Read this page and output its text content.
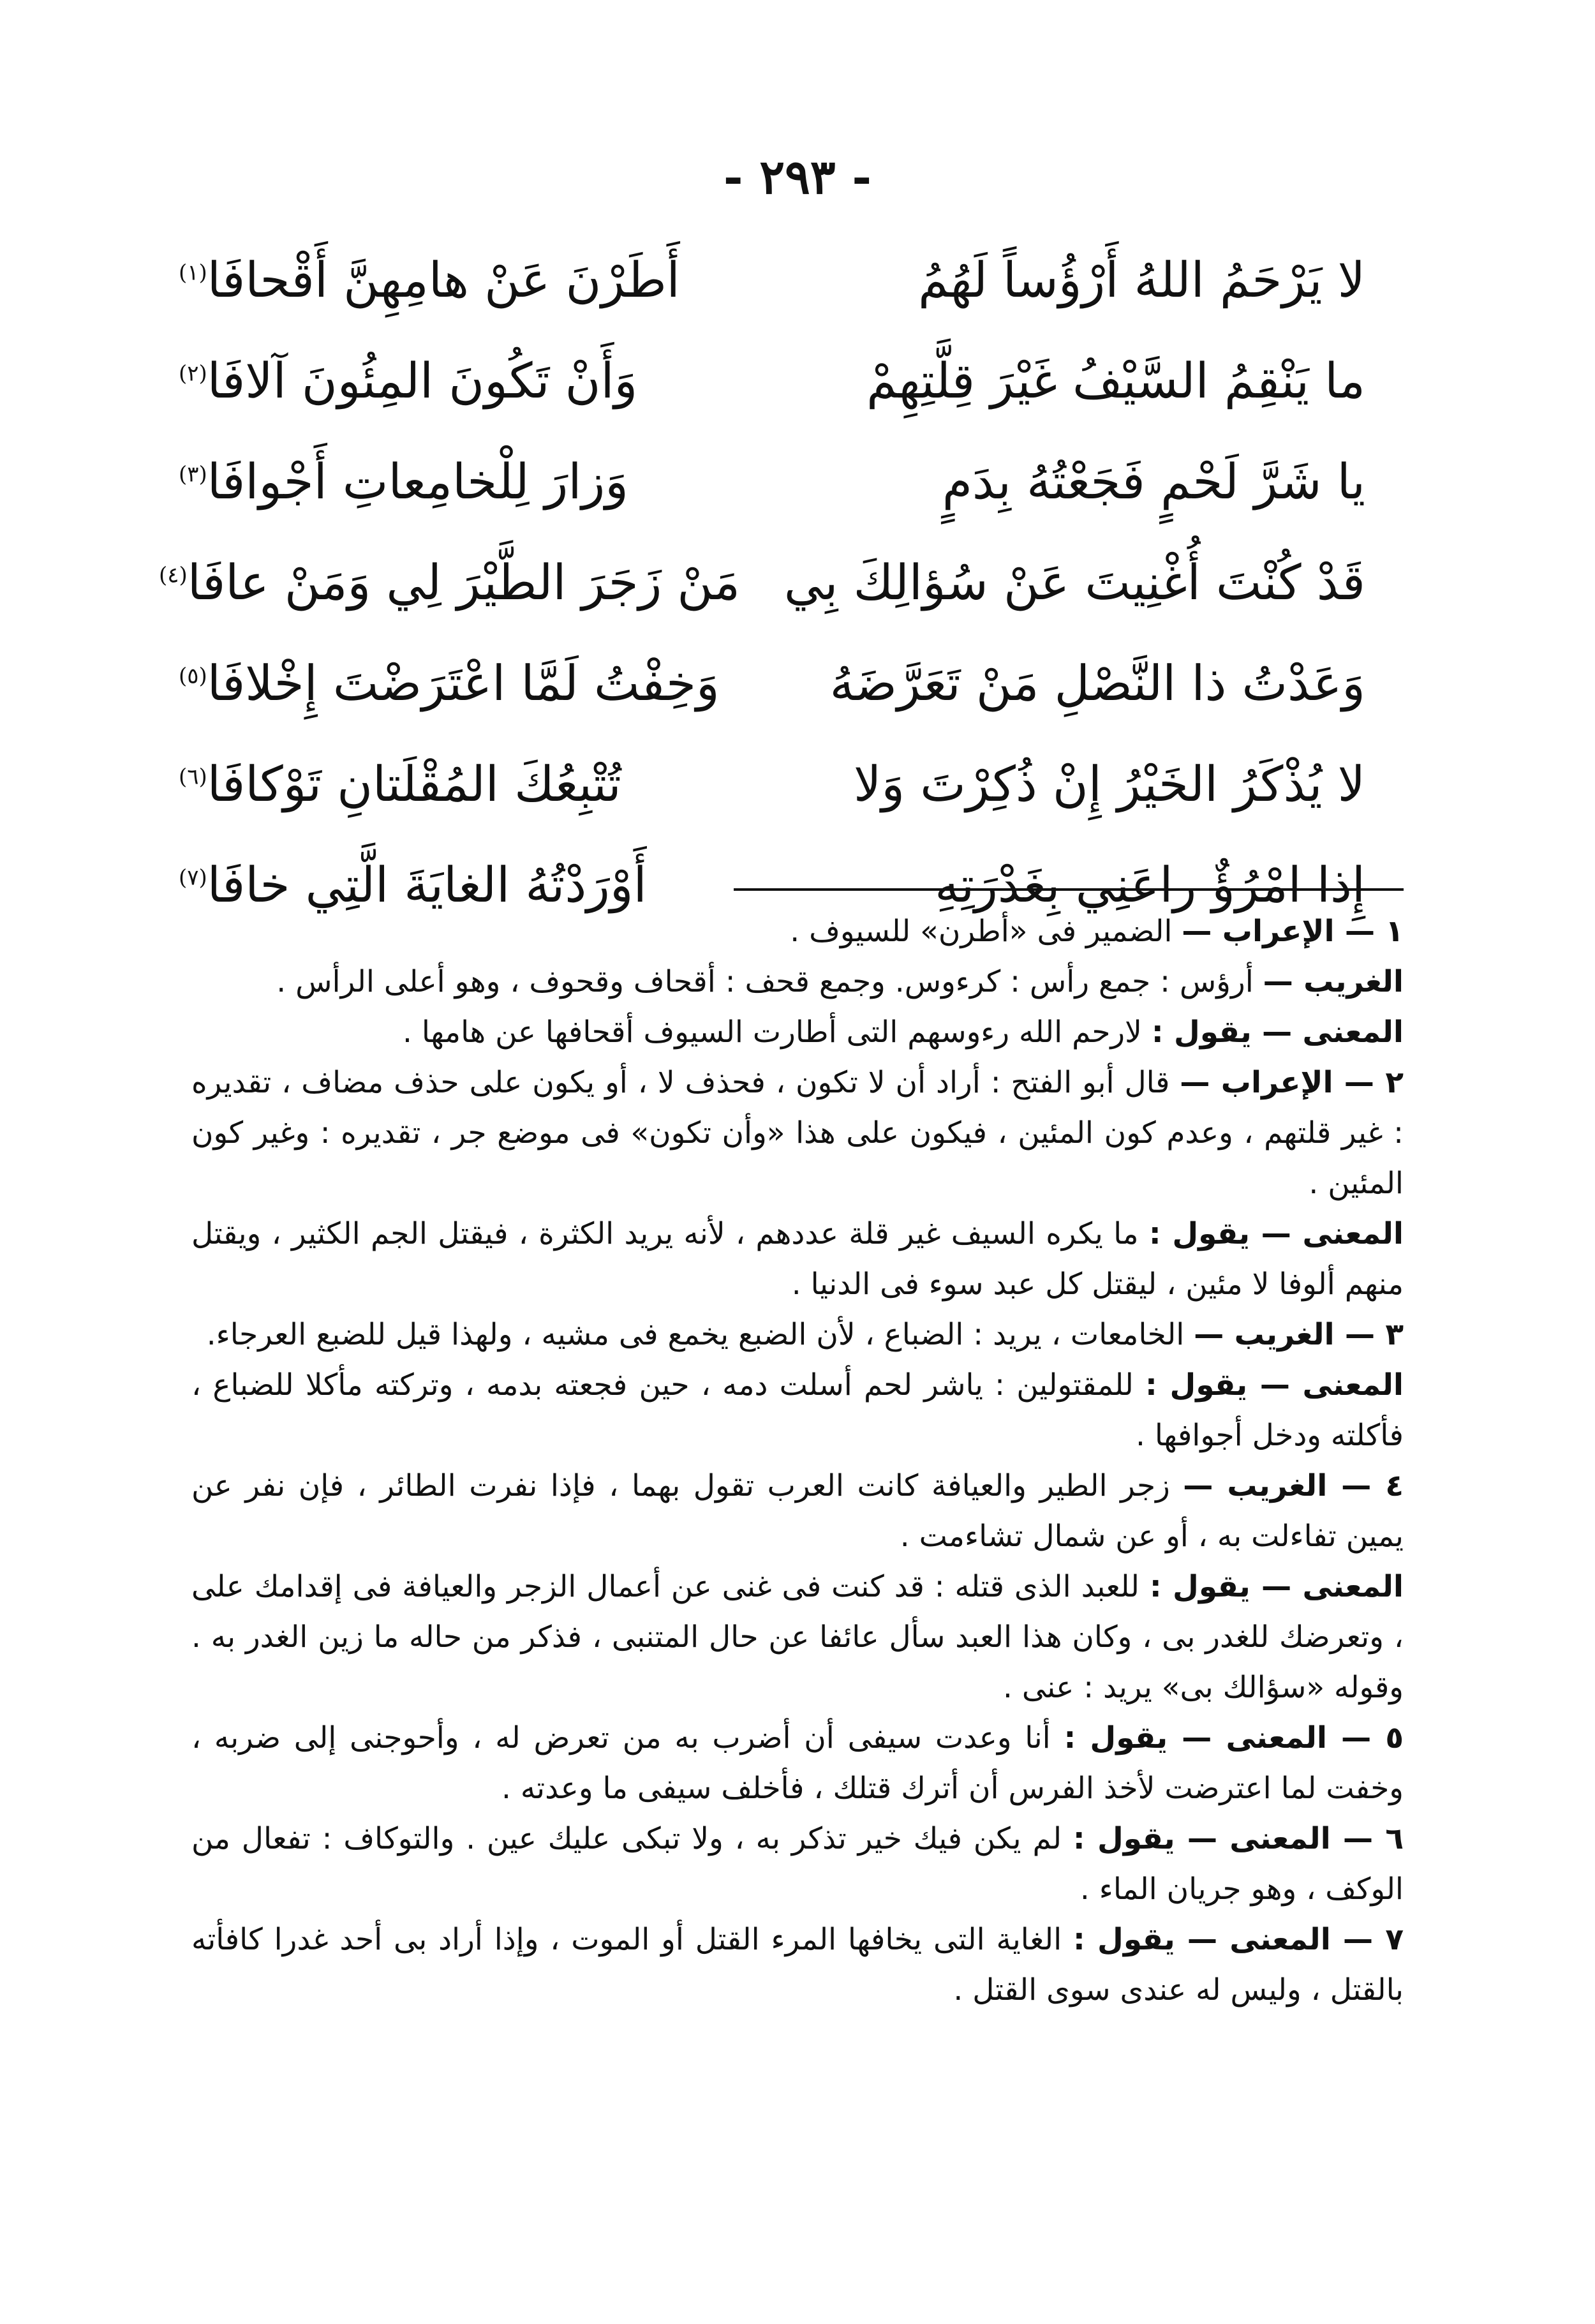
- ٢٩٣ -
لا يَرْحَمُ اللهُ أَرْؤُساً لَهُمُ
أَطَرْنَ عَنْ هامِهِنَّ أَقْحافَا$^{(١)}$
ما يَنْقِمُ السَّيْفُ غَيْرَ قِلَّتِهِمْ
وَأَنْ تَكُونَ المِئُونَ آلافَا$^{(٢)}$
يا شَرَّ لَحْمٍ فَجَعْتُهُ بِدَمٍ
وَزارَ لِلْخامِعاتِ أَجْوافَا$^{(٣)}$
قَدْ كُنْتَ أُغْنِيتَ عَنْ سُؤالِكَ بِي
مَنْ زَجَرَ الطَّيْرَ لِي وَمَنْ عافَا$^{(٤)}$
وَعَدْتُ ذا النَّصْلِ مَنْ تَعَرَّضَهُ
وَخِفْتُ لَمَّا اعْتَرَضْتَ إِخْلافَا$^{(٥)}$
لا يُذْكَرُ الخَيْرُ إِنْ ذُكِرْتَ وَلا
تُتْبِعُكَ المُقْلَتانِ تَوْكافَا$^{(٦)}$
إِذا امْرُؤٌ راعَنِي بِغَدْرَتِهِ
أَوْرَدْتُهُ الغايَةَ الَّتِي خافَا$^{(٧)}$

١ — الإعراب — الضمير فى «أطرن» للسيوف .

الغريب — أرؤس : جمع رأس : كرءوس. وجمع قحف : أقحاف وقحوف ، وهو أعلى الرأس .

المعنى — يقول : لارحم الله رءوسهم التى أطارت السيوف أقحافها عن هامها .

٢ — الإعراب — قال أبو الفتح : أراد أن لا تكون ، فحذف لا ، أو يكون على حذف مضاف ، تقديره : غير قلتهم ، وعدم كون المئين ، فيكون على هذا «وأن تكون» فى موضع جر ، تقديره : وغير كون المئين .

المعنى — يقول : ما يكره السيف غير قلة عددهم ، لأنه يريد الكثرة ، فيقتل الجم الكثير ، ويقتل منهم ألوفا لا مئين ، ليقتل كل عبد سوء فى الدنيا .

٣ — الغريب — الخامعات ، يريد : الضباع ، لأن الضبع يخمع فى مشيه ، ولهذا قيل للضبع العرجاء.

المعنى — يقول : للمقتولين : ياشر لحم أسلت دمه ، حين فجعته بدمه ، وتركته مأكلا للضباع ، فأكلته ودخل أجوافها .

٤ — الغريب — زجر الطير والعيافة كانت العرب تقول بهما ، فإذا نفرت الطائر ، فإن نفر عن يمين تفاءلت به ، أو عن شمال تشاءمت .

المعنى — يقول : للعبد الذى قتله : قد كنت فى غنى عن أعمال الزجر والعيافة فى إقدامك على ، وتعرضك للغدر بى ، وكان هذا العبد سأل عائفا عن حال المتنبى ، فذكر من حاله ما زين الغدر به . وقوله «سؤالك بى» يريد : عنى .

٥ — المعنى — يقول : أنا وعدت سيفى أن أضرب به من تعرض له ، وأحوجنى إلى ضربه ، وخفت لما اعترضت لأخذ الفرس أن أترك قتلك ، فأخلف سيفى ما وعدته .

٦ — المعنى — يقول : لم يكن فيك خير تذكر به ، ولا تبكى عليك عين . والتوكاف : تفعال من الوكف ، وهو جريان الماء .

٧ — المعنى — يقول : الغاية التى يخافها المرء القتل أو الموت ، وإذا أراد بى أحد غدرا كافأته بالقتل ، وليس له عندى سوى القتل .
